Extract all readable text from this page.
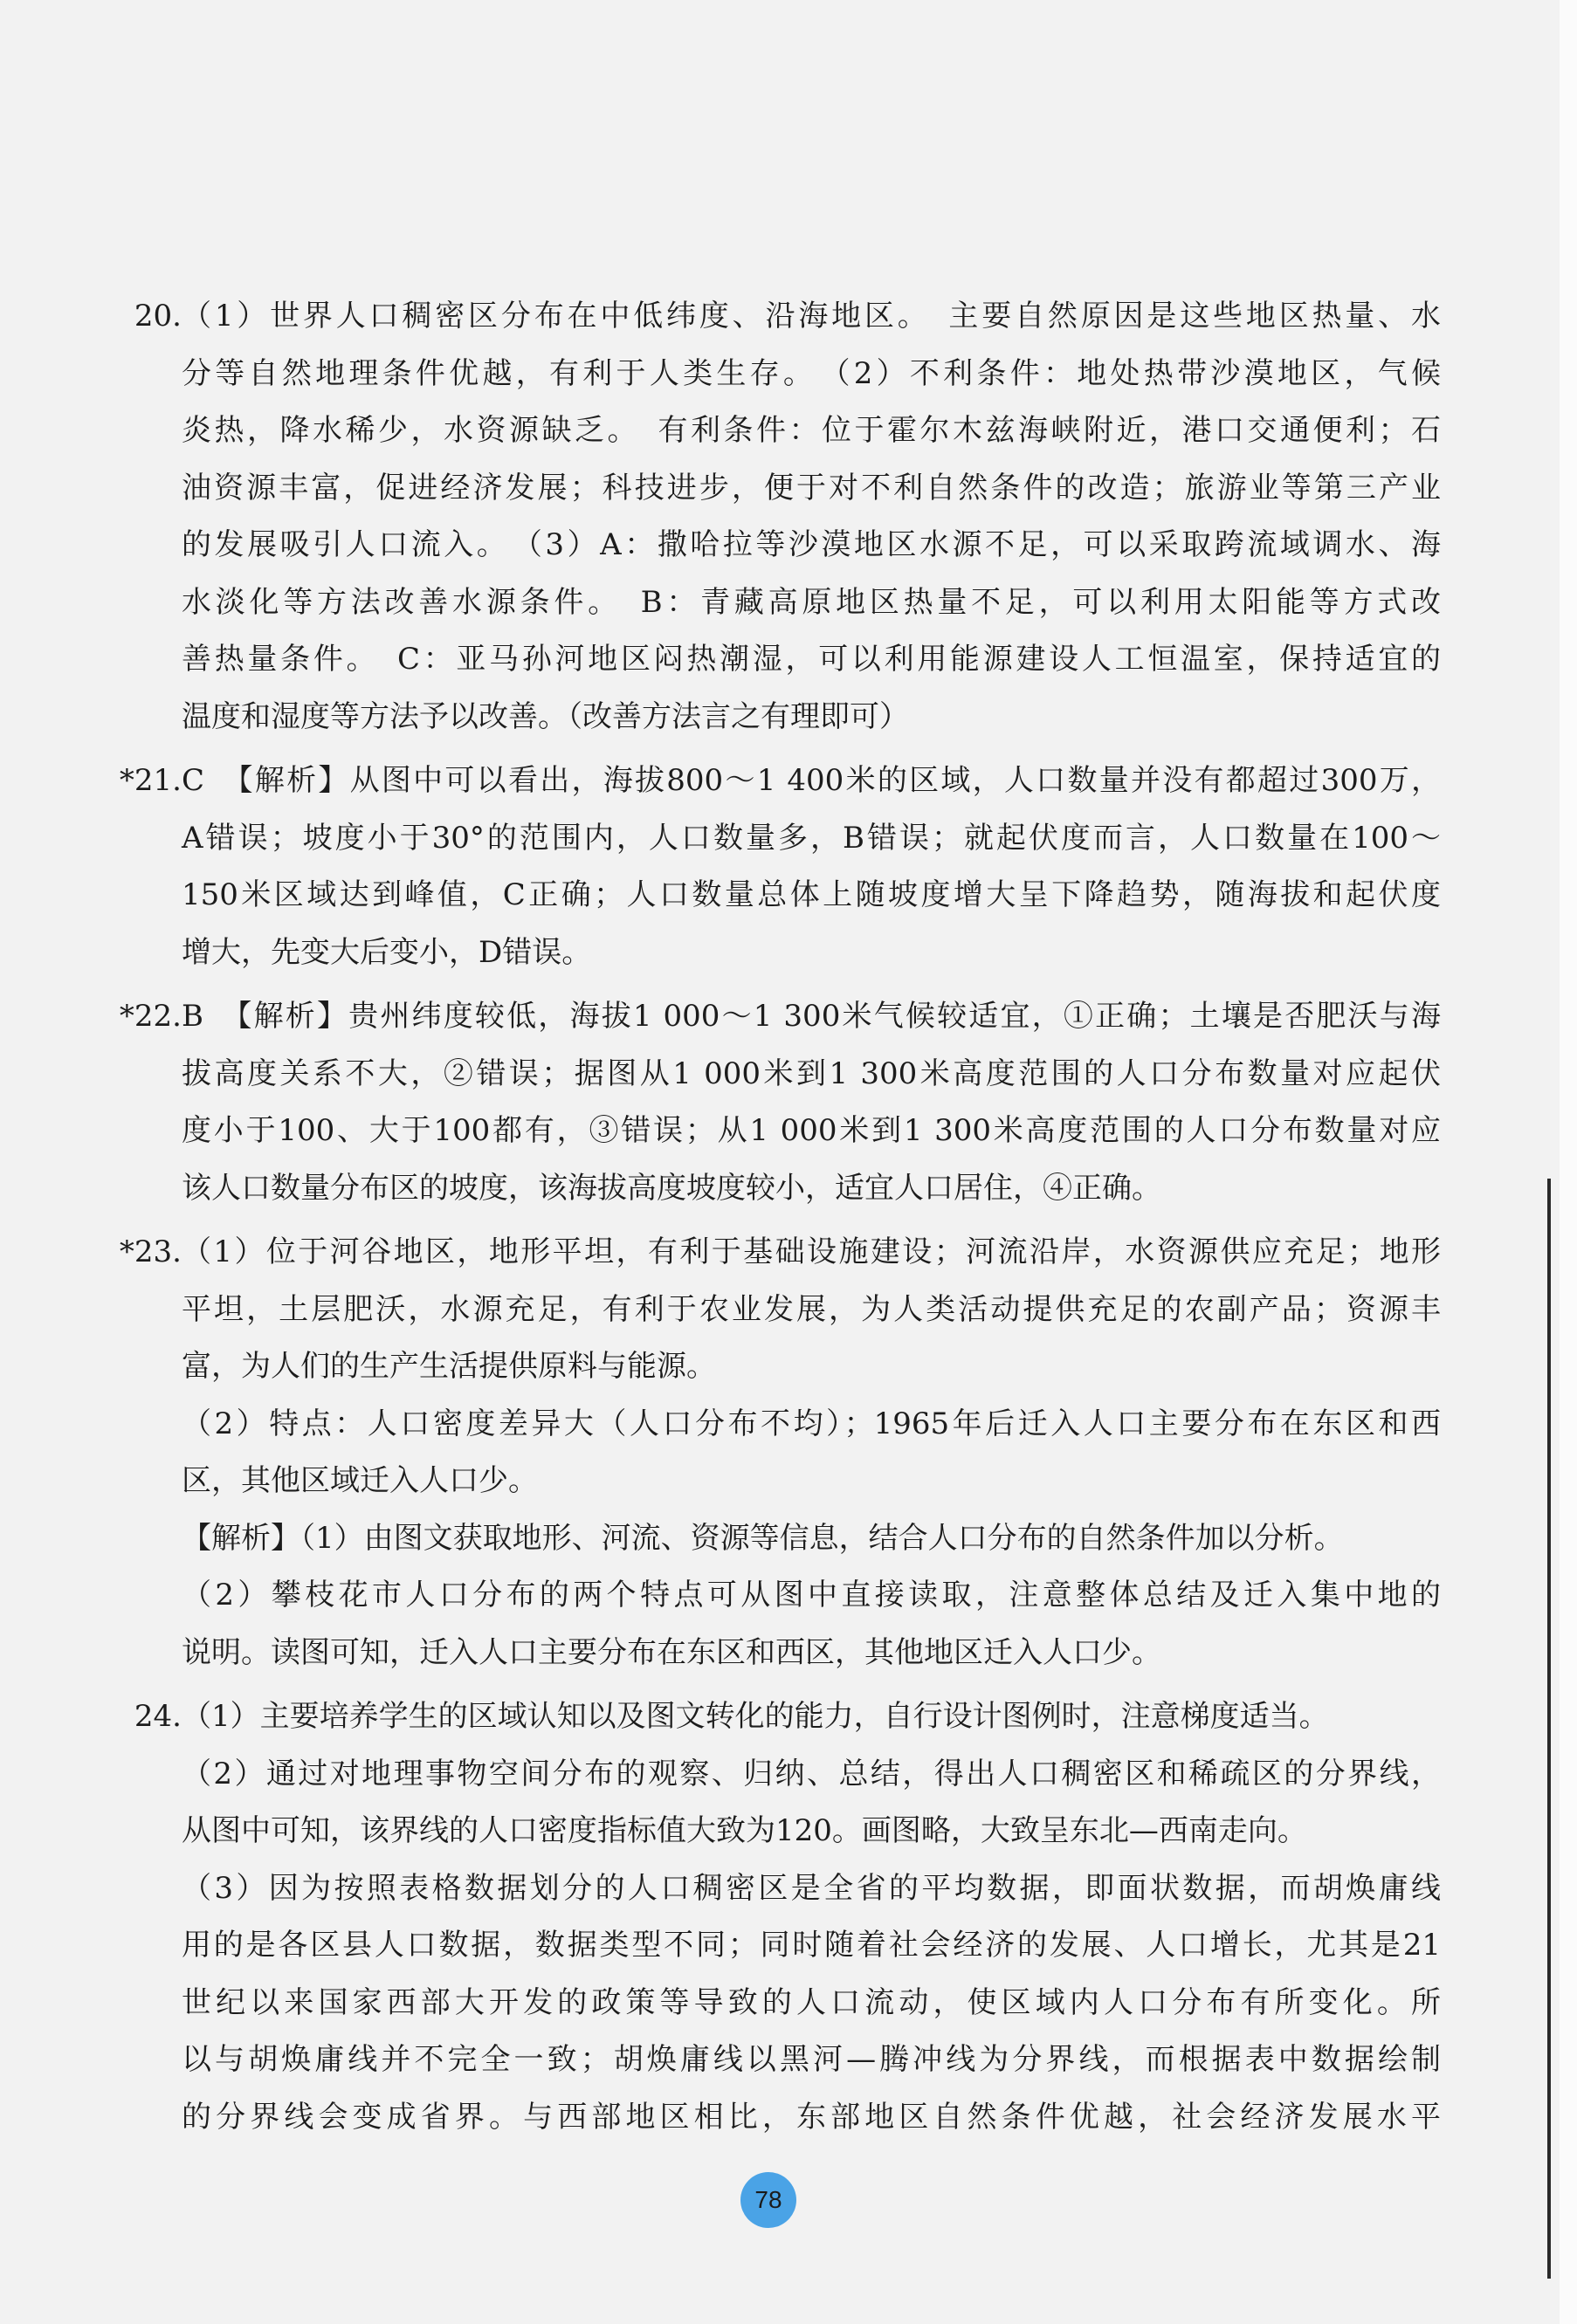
20. （1）世界人口稠密区分布在中低纬度、沿海地区。　主要自然原因是这些地区热量、水
分等自然地理条件优越，有利于人类生存。　（2）不利条件：地处热带沙漠地区，气候
炎热，降水稀少，水资源缺乏。　有利条件：位于霍尔木兹海峡附近，港口交通便利；石
油资源丰富，促进经济发展；科技进步，便于对不利自然条件的改造；旅游业等第三产业
的发展吸引人口流入。　（3）A：撒哈拉等沙漠地区水源不足，可以采取跨流域调水、海
水淡化等方法改善水源条件。　B：青藏高原地区热量不足，可以利用太阳能等方式改
善热量条件。　C：亚马孙河地区闷热潮湿，可以利用能源建设人工恒温室，保持适宜的
温度和湿度等方法予以改善。（改善方法言之有理即可）
*21. C　【解析】从图中可以看出，海拔800～1 400米的区域，人口数量并没有都超过300万，
A错误；坡度小于30°的范围内，人口数量多，B错误；就起伏度而言，人口数量在100～
150米区域达到峰值，C正确；人口数量总体上随坡度增大呈下降趋势，随海拔和起伏度
增大，先变大后变小，D错误。
*22. B　【解析】贵州纬度较低，海拔1 000～1 300米气候较适宜，①正确；土壤是否肥沃与海
拔高度关系不大，②错误；据图从1 000米到1 300米高度范围的人口分布数量对应起伏
度小于100、大于100都有，③错误；从1 000米到1 300米高度范围的人口分布数量对应
该人口数量分布区的坡度，该海拔高度坡度较小，适宜人口居住，④正确。
*23. （1）位于河谷地区，地形平坦，有利于基础设施建设；河流沿岸，水资源供应充足；地形
平坦，土层肥沃，水源充足，有利于农业发展，为人类活动提供充足的农副产品；资源丰
富，为人们的生产生活提供原料与能源。
（2）特点：人口密度差异大（人口分布不均）；1965年后迁入人口主要分布在东区和西
区，其他区域迁入人口少。
【解析】（1）由图文获取地形、河流、资源等信息，结合人口分布的自然条件加以分析。
（2）攀枝花市人口分布的两个特点可从图中直接读取，注意整体总结及迁入集中地的
说明。读图可知，迁入人口主要分布在东区和西区，其他地区迁入人口少。
24. （1）主要培养学生的区域认知以及图文转化的能力，自行设计图例时，注意梯度适当。
（2）通过对地理事物空间分布的观察、归纳、总结，得出人口稠密区和稀疏区的分界线，
从图中可知，该界线的人口密度指标值大致为120。画图略，大致呈东北—西南走向。
（3）因为按照表格数据划分的人口稠密区是全省的平均数据，即面状数据，而胡焕庸线
用的是各区县人口数据，数据类型不同；同时随着社会经济的发展、人口增长，尤其是21
世纪以来国家西部大开发的政策等导致的人口流动，使区域内人口分布有所变化。所
以与胡焕庸线并不完全一致；胡焕庸线以黑河—腾冲线为分界线，而根据表中数据绘制
的分界线会变成省界。与西部地区相比，东部地区自然条件优越，社会经济发展水平
78
